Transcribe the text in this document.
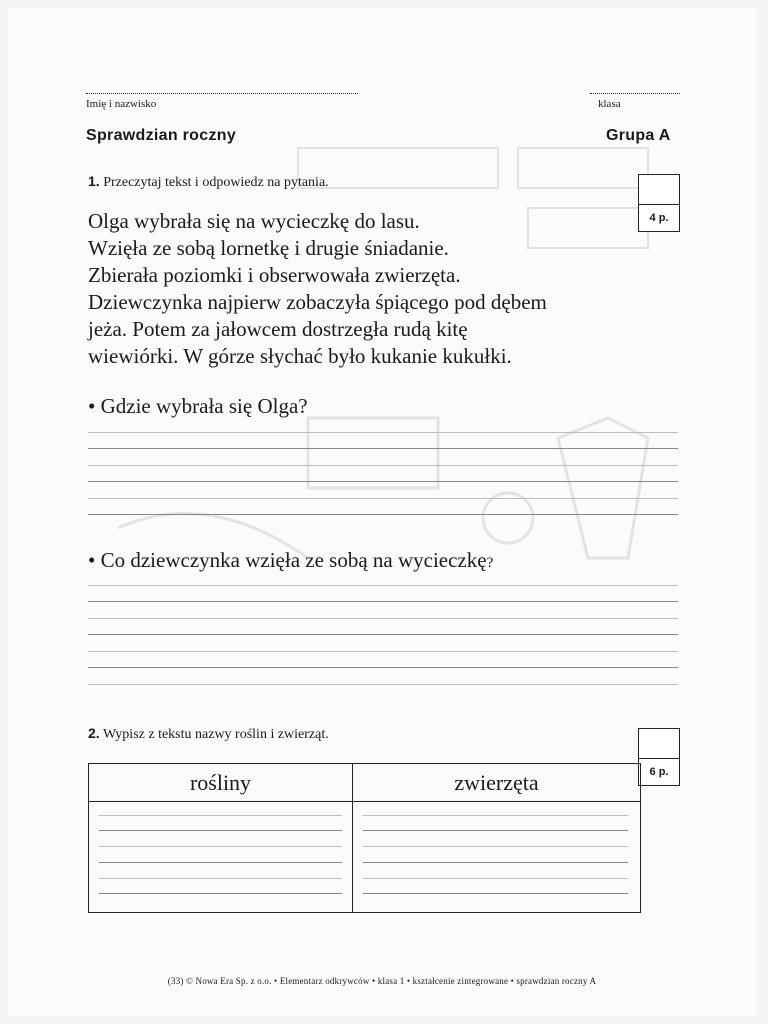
Imię i nazwisko	klasa
Sprawdzian roczny	Grupa A
1. Przeczytaj tekst i odpowiedz na pytania.
4 p.
Olga wybrała się na wycieczkę do lasu.
Wzięła ze sobą lornetkę i drugie śniadanie.
Zbierała poziomki i obserwowała zwierzęta.
Dziewczynka najpierw zobaczyła śpiącego pod dębem
jeża. Potem za jałowcem dostrzegła rudą kitę
wiewiórki. W górze słychać było kukanie kukułki.
• Gdzie wybrała się Olga?
• Co dziewczynka wzięła ze sobą na wycieczkę?
2. Wypisz z tekstu nazwy roślin i zwierząt.
6 p.
rośliny	zwierzęta
(33) © Nowa Era Sp. z o.o. • Elementarz odkrywców • klasa 1 • kształcenie zintegrowane • sprawdzian roczny A
